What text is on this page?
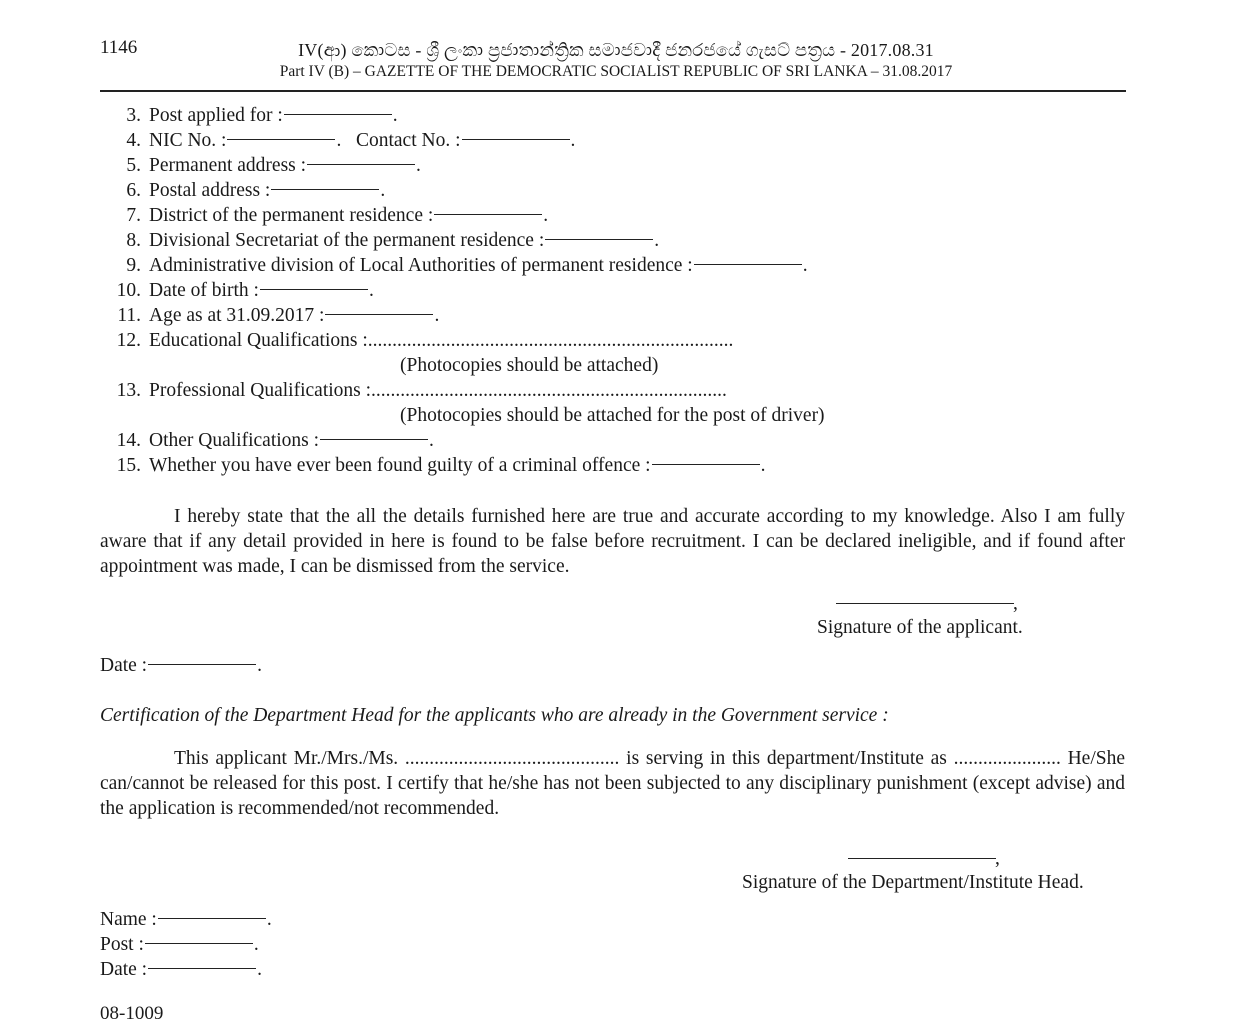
1146	IV(ආ) කොටස - ශ්‍රී ලංකා ප්‍රජාතාන්ත්‍රික සමාජවාදී ජනරජයේ ගැසට් පත්‍රය - 2017.08.31
Part IV (B) – GAZETTE OF THE DEMOCRATIC SOCIALIST REPUBLIC OF SRI LANKA – 31.08.2017
3. Post applied for :	.
4. NIC No. :	. Contact No. :	.
5. Permanent address :	.
6. Postal address :	.
7. District of the permanent residence :	.
8. Divisional Secretariat of the permanent residence :	.
9. Administrative division of Local Authorities of permanent residence :	.
10. Date of birth :	.
11. Age as at 31.09.2017 :	.
12. Educational Qualifications :...........................................................................
(Photocopies should be attached)
13. Professional Qualifications :.........................................................................
(Photocopies should be attached for the post of driver)
14. Other Qualifications :	.
15. Whether you have ever been found guilty of a criminal offence :	.
I hereby state that the all the details furnished here are true and accurate according to my knowledge. Also I am fully aware that if any detail provided in here is found to be false before recruitment. I can be declared ineligible, and if found after appointment was made, I can be dismissed from the service.
,
Signature of the applicant.
Date :	.
Certification of the Department Head for the applicants who are already in the Government service :
This applicant Mr./Mrs./Ms. ............................................ is serving in this department/Institute as ...................... He/She can/cannot be released for this post. I certify that he/she has not been subjected to any disciplinary punishment (except advise) and the application is recommended/not recommended.
,
Signature of the Department/Institute Head.
Name :	.
Post :	.
Date :	.
08-1009
